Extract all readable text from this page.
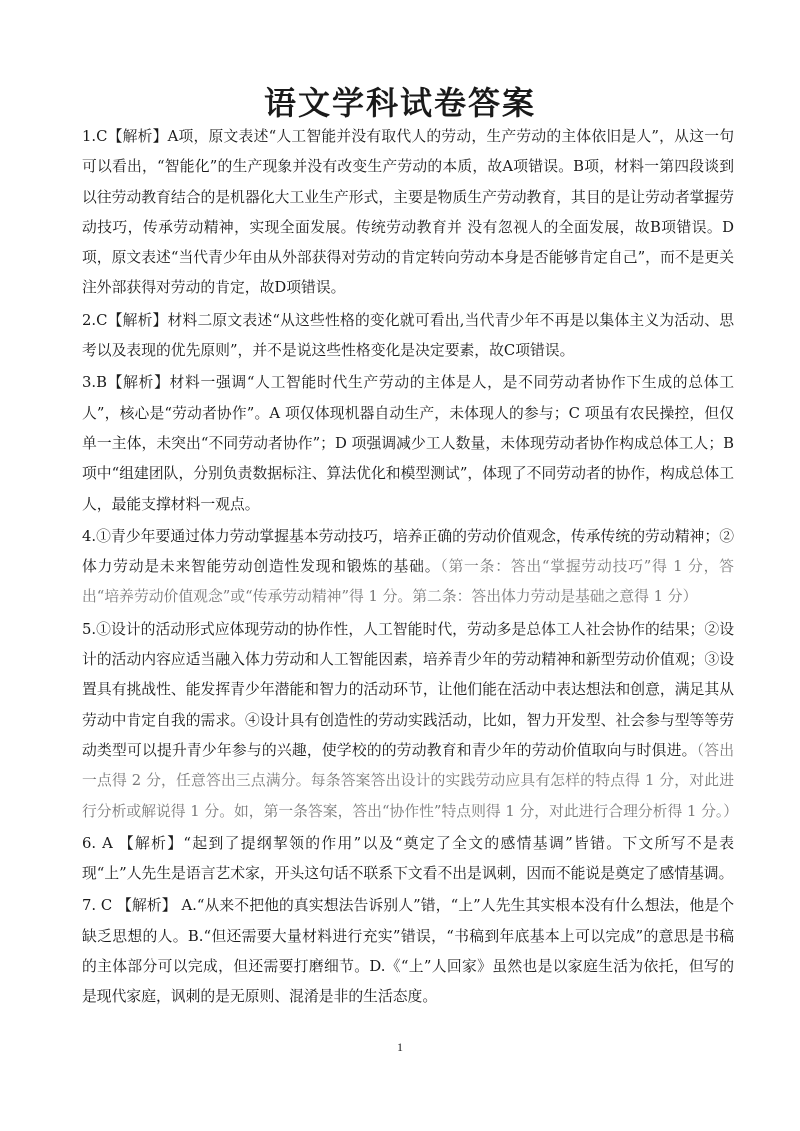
语文学科试卷答案

1.C【解析】A项，原文表述“人工智能并没有取代人的劳动，生产劳动的主体依旧是人”，从这一句可以看出，“智能化”的生产现象并没有改变生产劳动的本质，故A项错误。B项，材料一第四段谈到以往劳动教育结合的是机器化大工业生产形式，主要是物质生产劳动教育，其目的是让劳动者掌握劳动技巧，传承劳动精神，实现全面发展。传统劳动教育并 没有忽视人的全面发展，故B项错误。D项，原文表述“当代青少年由从外部获得对劳动的肯定转向劳动本身是否能够肯定自己”，而不是更关注外部获得对劳动的肯定，故D项错误。

2.C【解析】材料二原文表述“从这些性格的变化就可看出,当代青少年不再是以集体主义为活动、思考以及表现的优先原则”，并不是说这些性格变化是决定要素，故C项错误。

3.B【解析】材料一强调“人工智能时代生产劳动的主体是人，是不同劳动者协作下生成的总体工人”，核心是“劳动者协作”。A 项仅体现机器自动生产，未体现人的参与；C 项虽有农民操控，但仅单一主体，未突出“不同劳动者协作”；D 项强调减少工人数量，未体现劳动者协作构成总体工人；B 项中“组建团队，分别负责数据标注、算法优化和模型测试”，体现了不同劳动者的协作，构成总体工人，最能支撑材料一观点。

4.①青少年要通过体力劳动掌握基本劳动技巧，培养正确的劳动价值观念，传承传统的劳动精神；②体力劳动是未来智能劳动创造性发现和锻炼的基础。（第一条：答出“掌握劳动技巧”得 1 分，答出“培养劳动价值观念”或“传承劳动精神”得 1 分。第二条：答出体力劳动是基础之意得 1 分）

5.①设计的活动形式应体现劳动的协作性，人工智能时代，劳动多是总体工人社会协作的结果；②设计的活动内容应适当融入体力劳动和人工智能因素，培养青少年的劳动精神和新型劳动价值观；③设置具有挑战性、能发挥青少年潜能和智力的活动环节，让他们能在活动中表达想法和创意，满足其从劳动中肯定自我的需求。④设计具有创造性的劳动实践活动，比如，智力开发型、社会参与型等等劳动类型可以提升青少年参与的兴趣，使学校的的劳动教育和青少年的劳动价值取向与时俱进。（答出一点得 2 分，任意答出三点满分。每条答案答出设计的实践劳动应具有怎样的特点得 1 分，对此进行分析或解说得 1 分。如，第一条答案，答出“协作性”特点则得 1 分，对此进行合理分析得 1 分。）

6. A 【解析】“起到了提纲挈领的作用”以及“奠定了全文的感情基调”皆错。下文所写不是表现“上”人先生是语言艺术家，开头这句话不联系下文看不出是讽刺，因而不能说是奠定了感情基调。

7. C 【解析】 A.“从来不把他的真实想法告诉别人”错，“上”人先生其实根本没有什么想法，他是个缺乏思想的人。B.“但还需要大量材料进行充实”错误，“书稿到年底基本上可以完成”的意思是书稿的主体部分可以完成，但还需要打磨细节。D.《“上”人回家》虽然也是以家庭生活为依托，但写的是现代家庭，讽刺的是无原则、混淆是非的生活态度。

1
